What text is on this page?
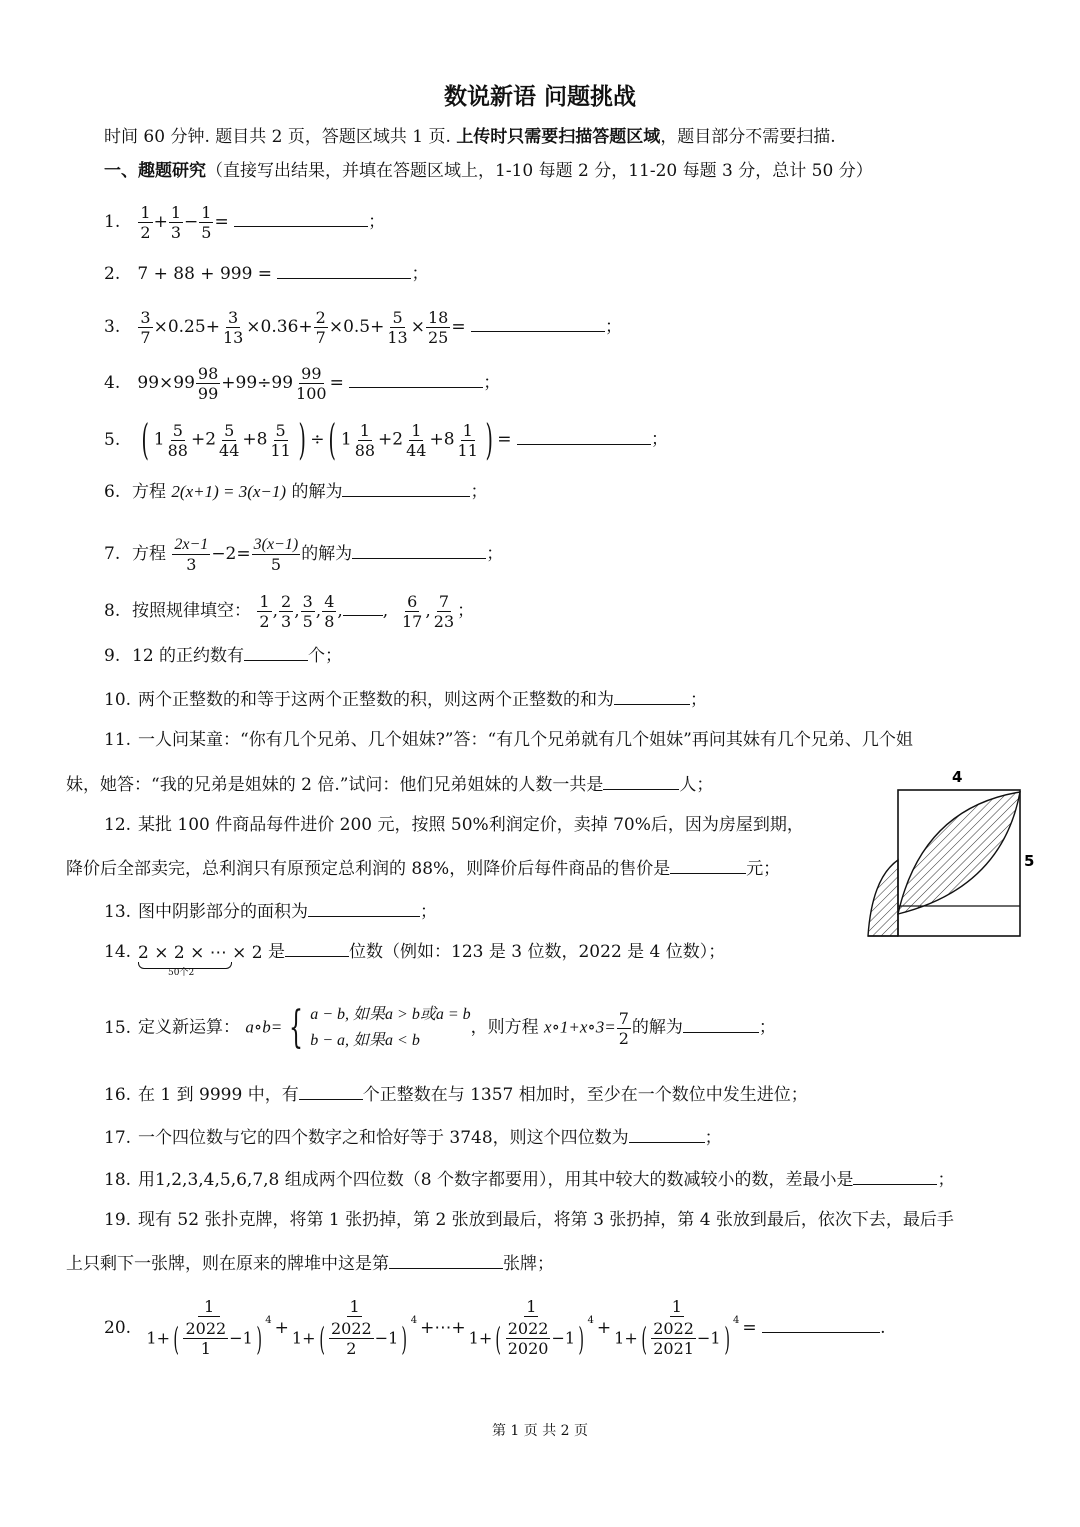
数说新语 问题挑战
时间 60 分钟. 题目共 2 页，答题区域共 1 页. 上传时只需要扫描答题区域，题目部分不需要扫描.
一、趣题研究（直接写出结果，并填在答题区域上，1-10 每题 2 分，11-20 每题 3 分，总计 50 分）
1. $\frac{1}{2} + \frac{1}{3} - \frac{1}{5}$ =	；
2. 7 + 88 + 999 =	；
3. $\frac{3}{7} \times 0.25+ \frac{3}{13} \times 0.36+ \frac{2}{7} \times 0.5+ \frac{5}{13} \times \frac{18}{25}$ =	；
4. $99\times 99 \frac{98}{99} +99\div 99 \frac{99}{100}$ =	；
5. ( $1 \frac{5}{88} +2 \frac{5}{44} +8 \frac{5}{11}$ ) ÷ ( $1 \frac{1}{88} +2 \frac{1}{44} +8 \frac{1}{11}$ ) =	；
6. 方程 2(x+1) = 3(x−1) 的解为	；
7. 方程 $\frac{2x-1}{3} -2= \frac{3(x-1)}{5}$ 的解为	；
8. 按照规律填空： $\frac{1}{2}$ , $\frac{2}{3}$ , $\frac{3}{5}$ , $\frac{4}{8}$ , , $\frac{6}{17}$ , $\frac{7}{23}$ ；
9. 12 的正约数有	个；
10. 两个正整数的和等于这两个正整数的积，则这两个正整数的和为	；
11. 一人问某童：“你有几个兄弟、几个姐妹?”答：“有几个兄弟就有几个姐妹”再问其妹有几个兄弟、几个姐
妹，她答：“我的兄弟是姐妹的 2 倍.”试问：他们兄弟姐妹的人数一共是	人；
12. 某批 100 件商品每件进价 200 元，按照 50%利润定价，卖掉 70%后，因为房屋到期，
降价后全部卖完，总利润只有原预定总利润的 88%，则降价后每件商品的售价是	元；
13. 图中阴影部分的面积为	；
14. 2 × 2 × ⋯ × 2
50个2
是	位数（例如：123 是 3 位数，2022 是 4 位数）；
15. 定义新运算： a∘b= { a − b, 如果a > b或a = b
b − a, 如果a < b
，则方程 x∘1+x∘3= $\frac{7}{2}$ 的解为	；
16. 在 1 到 9999 中，有	个正整数在与 1357 相加时，至少在一个数位中发生进位；
17. 一个四位数与它的四个数字之和恰好等于 3748，则这个四位数为	；
18. 用1,2,3,4,5,6,7,8 组成两个四位数（8 个数字都要用），用其中较大的数减较小的数，差最小是	；
19. 现有 52 张扑克牌，将第 1 张扔掉，第 2 张放到最后，将第 3 张扔掉，第 4 张放到最后，依次下去，最后手
上只剩下一张牌，则在原来的牌堆中这是第	张牌；
20. $\frac{1}{1+ ( \frac{2022}{1} -1 ) ^4} + \frac{1}{1+ ( \frac{2022}{2} -1 ) ^4}$ +⋯+ $\frac{1}{1+ ( \frac{2022}{2020} -1 ) ^4} + \frac{1}{1+ ( \frac{2022}{2021} -1 ) ^4}$ =	.
4
5
第 1 页 共 2 页
